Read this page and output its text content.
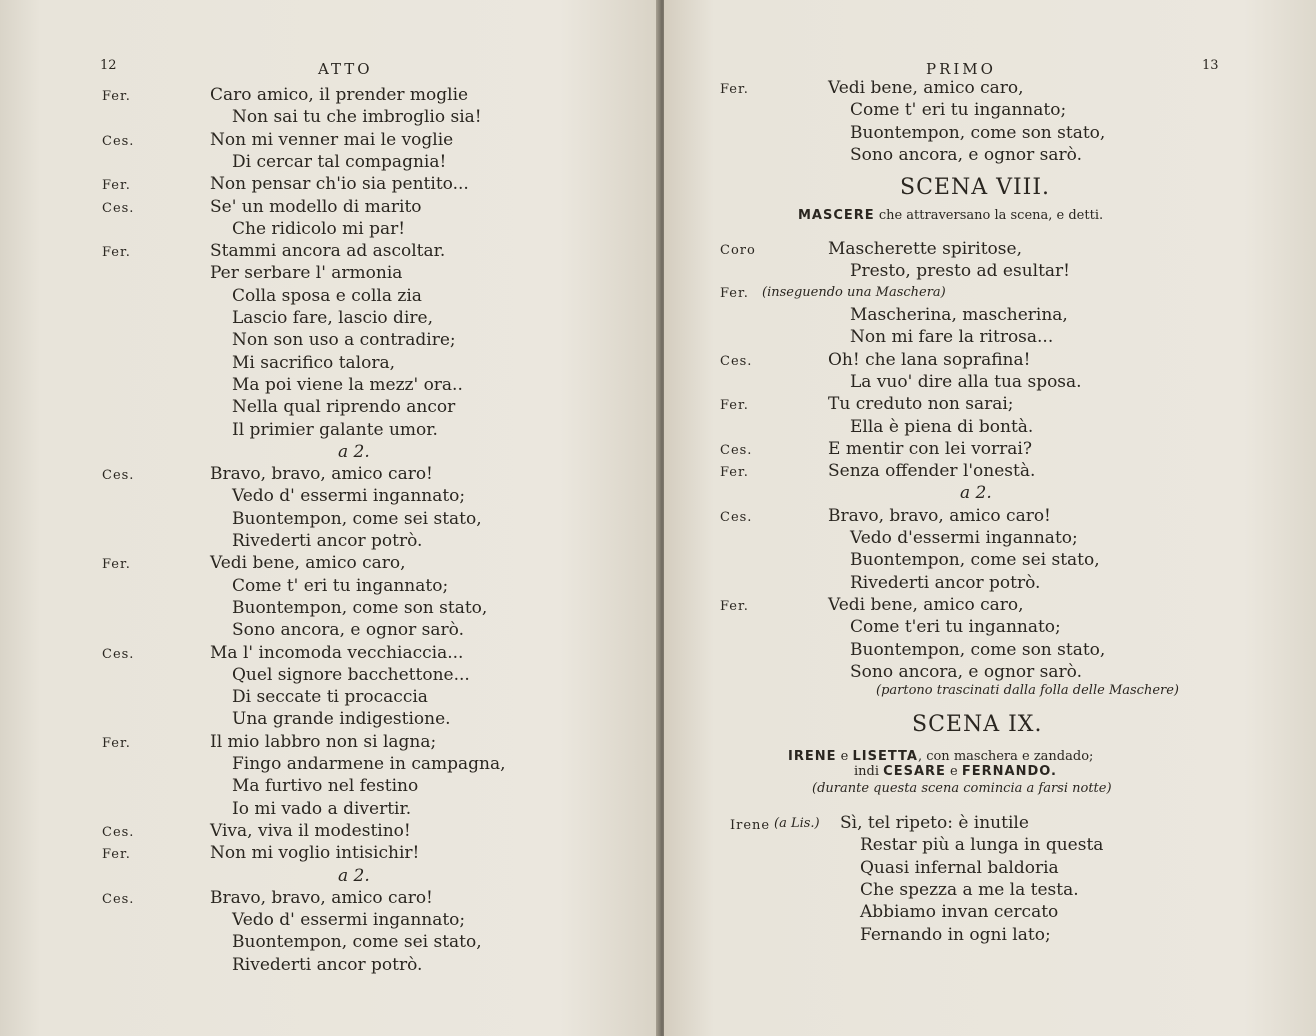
12	ATTO
Fer.	Caro amico, il prender moglie
Non sai tu che imbroglio sia!
Ces.	Non mi venner mai le voglie
Di cercar tal compagnia!
Fer.	Non pensar ch'io sia pentito...
Ces.	Se' un modello di marito
Che ridicolo mi par!
Fer.	Stammi ancora ad ascoltar.
Per serbare l' armonia
Colla sposa e colla zia
Lascio fare, lascio dire,
Non son uso a contradire;
Mi sacrifico talora,
Ma poi viene la mezz' ora..
Nella qual riprendo ancor
Il primier galante umor.
a 2.
Ces.	Bravo, bravo, amico caro!
Vedo d' essermi ingannato;
Buontempon, come sei stato,
Rivederti ancor potrò.
Fer.	Vedi bene, amico caro,
Come t' eri tu ingannato;
Buontempon, come son stato,
Sono ancora, e ognor sarò.
Ces.	Ma l' incomoda vecchiaccia...
Quel signore bacchettone...
Di seccate ti procaccia
Una grande indigestione.
Fer.	Il mio labbro non si lagna;
Fingo andarmene in campagna,
Ma furtivo nel festino
Io mi vado a divertir.
Ces.	Viva, viva il modestino!
Fer.	Non mi voglio intisichir!
a 2.
Ces.	Bravo, bravo, amico caro!
Vedo d' essermi ingannato;
Buontempon, come sei stato,
Rivederti ancor potrò.
PRIMO	13
Fer.	Vedi bene, amico caro,
Come t' eri tu ingannato;
Buontempon, come son stato,
Sono ancora, e ognor sarò.
SCENA VIII.
MASCERE che attraversano la scena, e detti.
Coro	Mascherette spiritose,
Presto, presto ad esultar!
Fer. (inseguendo una Maschera)
Mascherina, mascherina,
Non mi fare la ritrosa...
Ces.	Oh! che lana soprafina!
La vuo' dire alla tua sposa.
Fer.	Tu creduto non sarai;
Ella è piena di bontà.
Ces.	E mentir con lei vorrai?
Fer.	Senza offender l'onestà.
a 2.
Ces.	Bravo, bravo, amico caro!
Vedo d'essermi ingannato;
Buontempon, come sei stato,
Rivederti ancor potrò.
Fer.	Vedi bene, amico caro,
Come t'eri tu ingannato;
Buontempon, come son stato,
Sono ancora, e ognor sarò.
(partono trascinati dalla folla delle Maschere)
SCENA IX.
IRENE e LISETTA, con maschera e zandado;
indi CESARE e FERNANDO.
(durante questa scena comincia a farsi notte)
Irene (a Lis.) Sì, tel ripeto: è inutile
Restar più a lunga in questa
Quasi infernal baldoria
Che spezza a me la testa.
Abbiamo invan cercato
Fernando in ogni lato;
